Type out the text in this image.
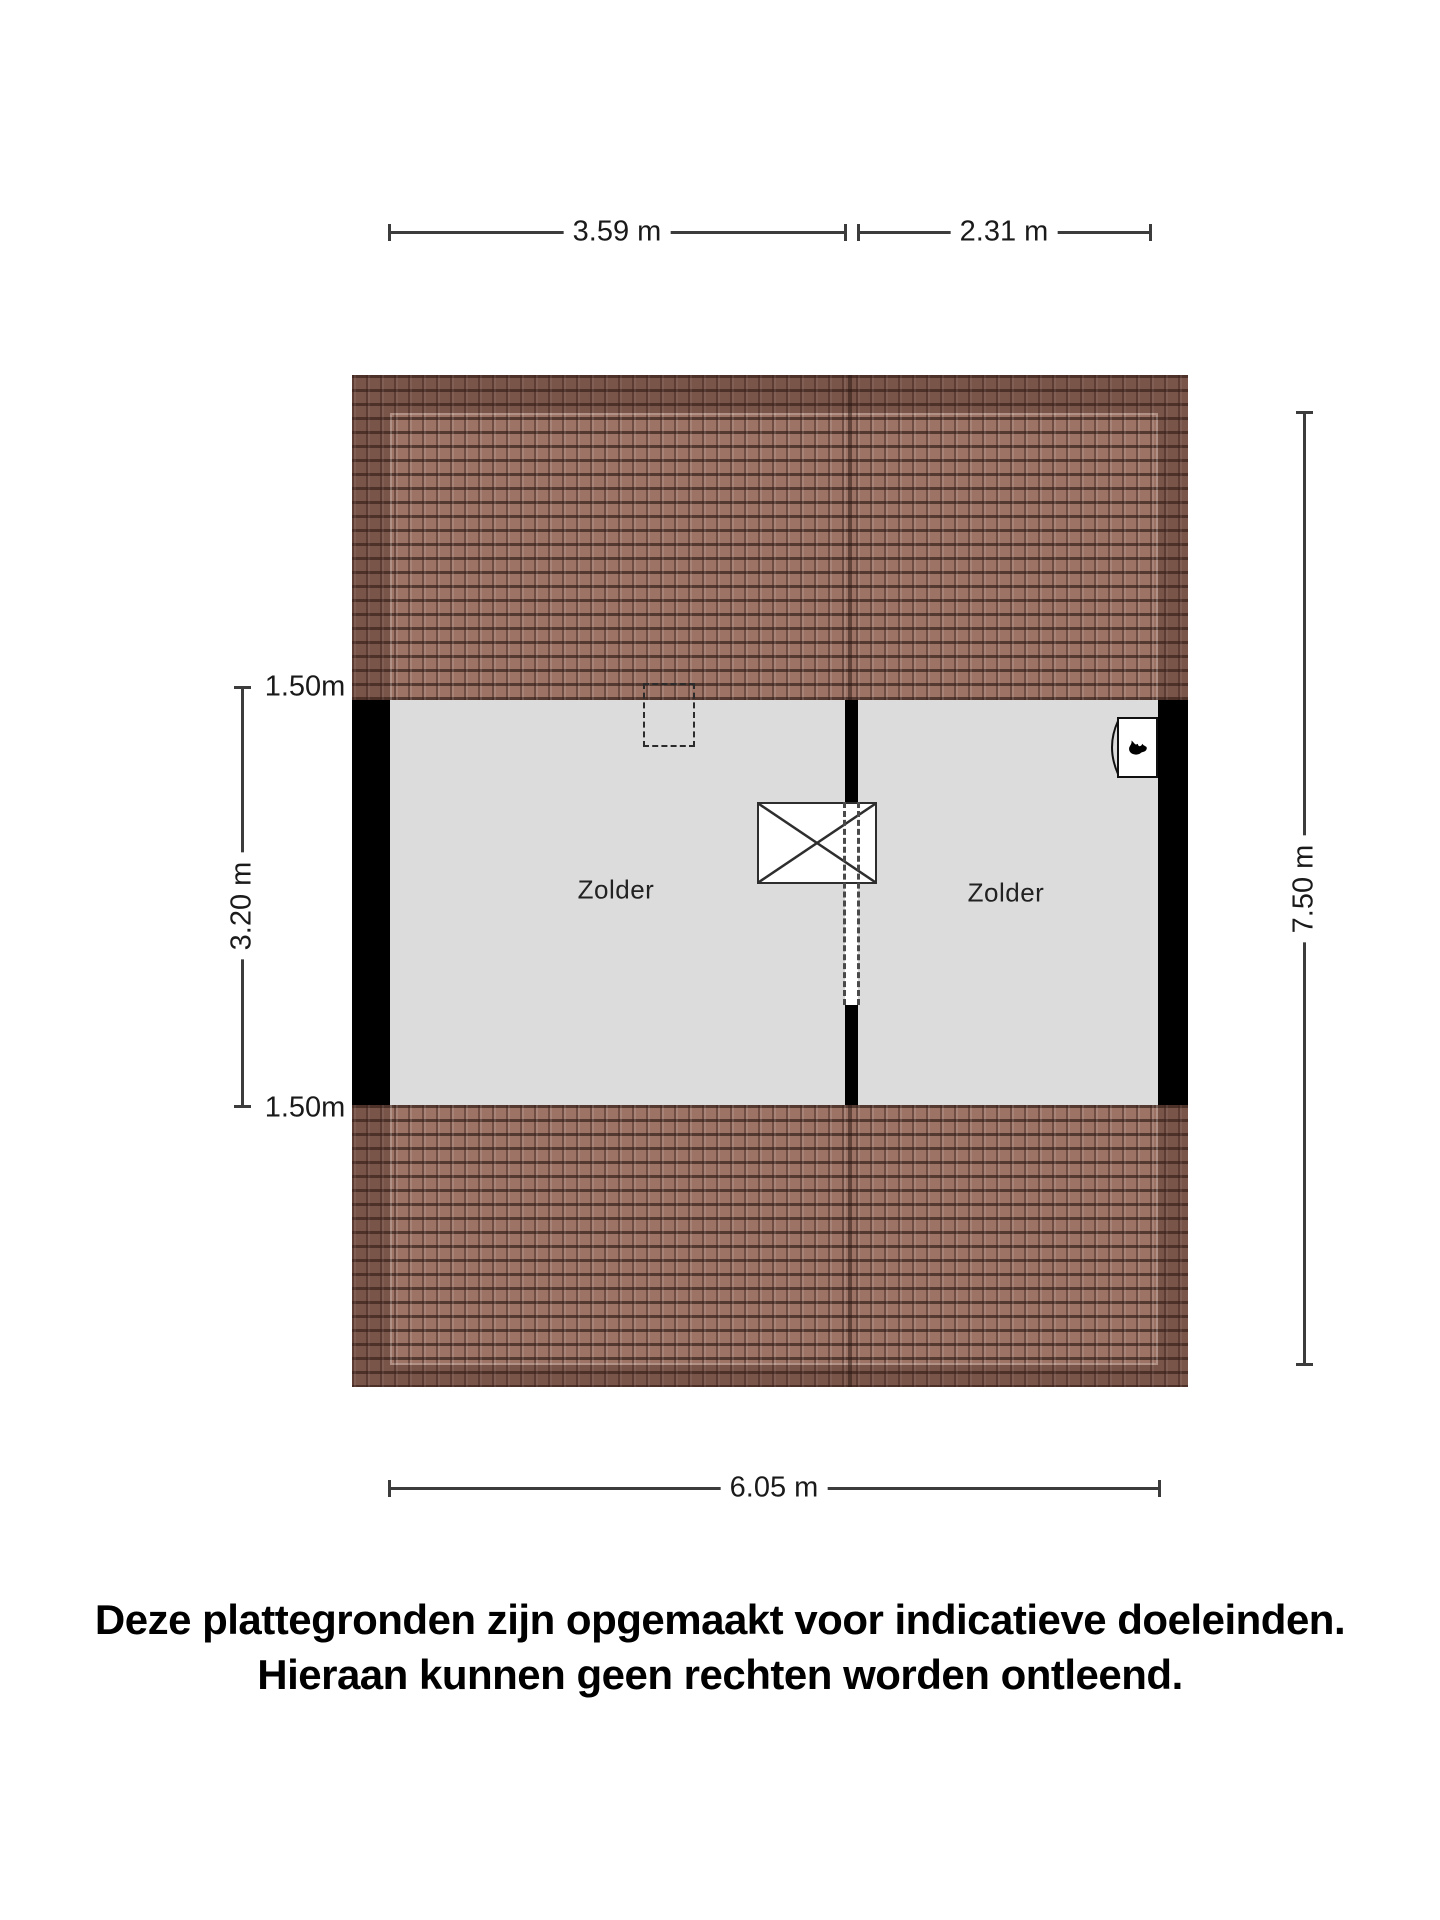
Zolder	Zolder
3.59 m	2.31 m
6.05 m
1.50m
3.20 m
1.50m
7.50 m
Deze plattegronden zijn opgemaakt voor indicatieve doeleinden.
Hieraan kunnen geen rechten worden ontleend.
